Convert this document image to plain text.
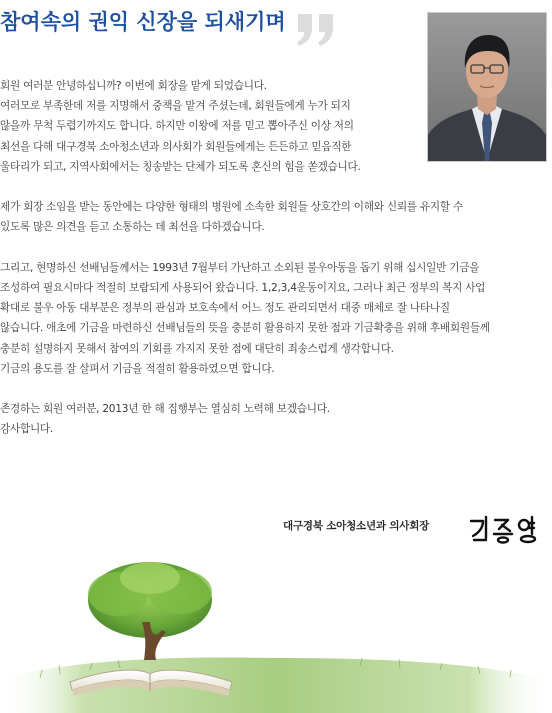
참여속의 권익 신장을 되새기며

회원 여러분 안녕하십니까? 이번에 회장을 맡게 되었습니다.
여러모로 부족한데 저를 지명해서 중책을 맡겨 주셨는데, 회원들에게 누가 되지
않을까 무척 두렵기까지도 합니다. 하지만 이왕에 저를 믿고 뽑아주신 이상 저의
최선을 다해 대구경북 소아청소년과 의사회가 회원들에게는 든든하고 믿음직한
울타리가 되고, 지역사회에서는 칭송받는 단체가 되도록 혼신의 힘을 쏟겠습니다.

제가 회장 소임을 받는 동안에는 다양한 형태의 병원에 소속한 회원들 상호간의 이해와 신뢰를 유지할 수
있도록 많은 의견을 듣고 소통하는 데 최선을 다하겠습니다.

그리고, 현명하신 선배님들께서는 1993년 7월부터 가난하고 소외된 불우아동을 돕기 위해 십시일반 기금을
조성하여 필요시마다 적절히 보람되게 사용되어 왔습니다. 1,2,3,4운동이지요, 그러나 최근 정부의 복지 사업
확대로 불우 아동 대부분은 정부의 관심과 보호속에서 어느 정도 관리되면서 대중 매체로 잘 나타나질
않습니다. 애초에 기금을 마련하신 선배님들의 뜻을 충분히 활용하지 못한 점과 기금확충을 위해 후배회원들께
충분히 설명하지 못해서 참여의 기회를 가지지 못한 점에 대단히 죄송스럽게 생각합니다.
기금의 용도를 잘 살펴서 기금을 적절히 활용하였으면 합니다.

존경하는 회원 여러분, 2013년 한 해 집행부는 열심히 노력해 보겠습니다.
감사합니다.

대구경북 소아청소년과 의사회장
